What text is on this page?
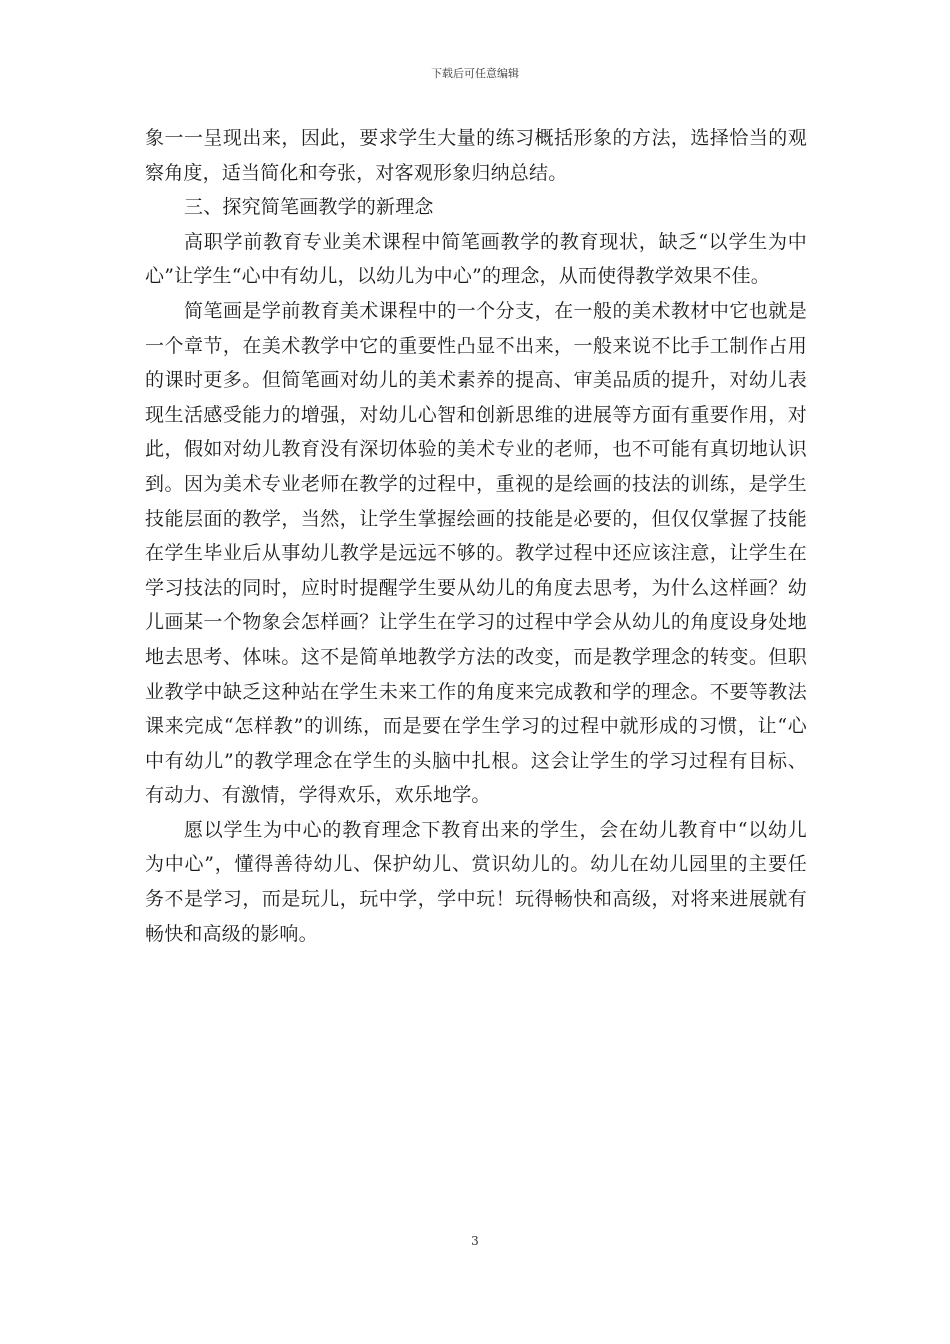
下载后可任意编辑

象一一呈现出来，因此，要求学生大量的练习概括形象的方法，选择恰当的观察角度，适当简化和夸张，对客观形象归纳总结。

三、探究简笔画教学的新理念

高职学前教育专业美术课程中简笔画教学的教育现状，缺乏“以学生为中心”让学生“心中有幼儿，以幼儿为中心”的理念，从而使得教学效果不佳。

简笔画是学前教育美术课程中的一个分支，在一般的美术教材中它也就是一个章节，在美术教学中它的重要性凸显不出来，一般来说不比手工制作占用的课时更多。但简笔画对幼儿的美术素养的提高、审美品质的提升，对幼儿表现生活感受能力的增强，对幼儿心智和创新思维的进展等方面有重要作用，对此，假如对幼儿教育没有深切体验的美术专业的老师，也不可能有真切地认识到。因为美术专业老师在教学的过程中，重视的是绘画的技法的训练，是学生技能层面的教学，当然，让学生掌握绘画的技能是必要的，但仅仅掌握了技能在学生毕业后从事幼儿教学是远远不够的。教学过程中还应该注意，让学生在学习技法的同时，应时时提醒学生要从幼儿的角度去思考，为什么这样画？幼儿画某一个物象会怎样画？让学生在学习的过程中学会从幼儿的角度设身处地地去思考、体味。这不是简单地教学方法的改变，而是教学理念的转变。但职业教学中缺乏这种站在学生未来工作的角度来完成教和学的理念。不要等教法课来完成“怎样教”的训练，而是要在学生学习的过程中就形成的习惯，让“心中有幼儿”的教学理念在学生的头脑中扎根。这会让学生的学习过程有目标、有动力、有激情，学得欢乐，欢乐地学。

愿以学生为中心的教育理念下教育出来的学生，会在幼儿教育中“以幼儿为中心”，懂得善待幼儿、保护幼儿、赏识幼儿的。幼儿在幼儿园里的主要任务不是学习，而是玩儿，玩中学，学中玩！玩得畅快和高级，对将来进展就有畅快和高级的影响。

3
